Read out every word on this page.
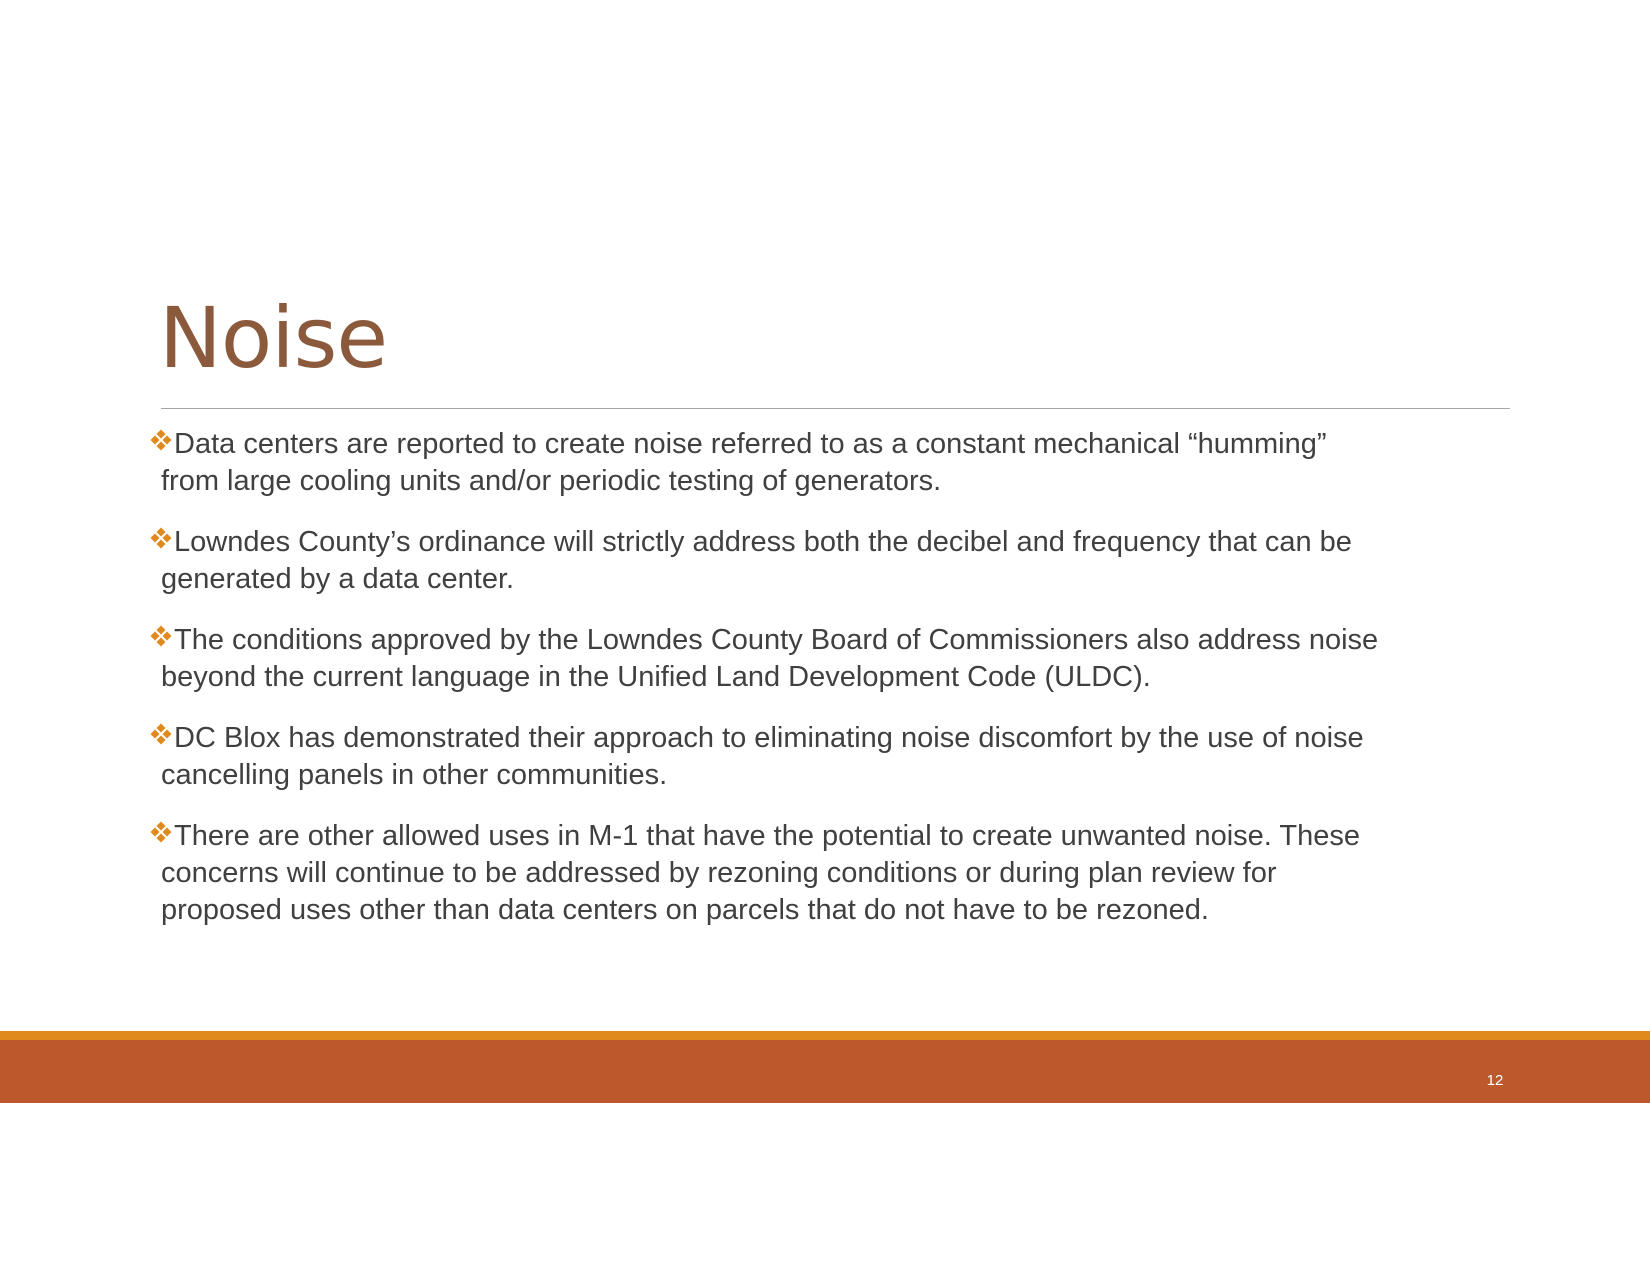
Noise
Data centers are reported to create noise referred to as a constant mechanical “humming”
from large cooling units and/or periodic testing of generators.
Lowndes County’s ordinance will strictly address both the decibel and frequency that can be
generated by a data center.
The conditions approved by the Lowndes County Board of Commissioners also address noise
beyond the current language in the Unified Land Development Code (ULDC).
DC Blox has demonstrated their approach to eliminating noise discomfort by the use of noise
cancelling panels in other communities.
There are other allowed uses in M-1 that have the potential to create unwanted noise. These
concerns will continue to be addressed by rezoning conditions or during plan review for
proposed uses other than data centers on parcels that do not have to be rezoned.
12
